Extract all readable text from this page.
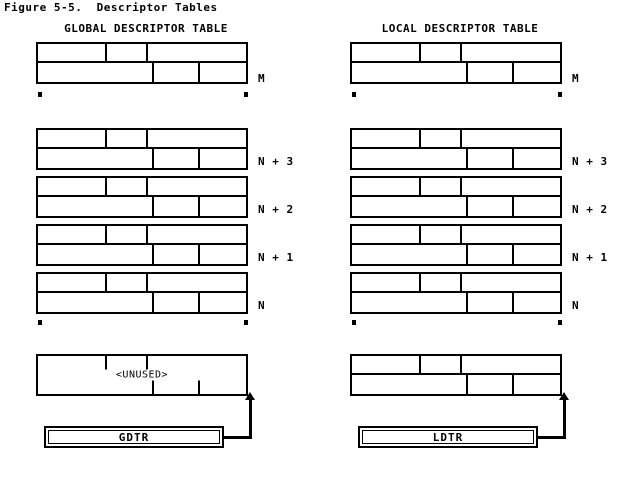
Figure 5-5.  Descriptor Tables
GLOBAL DESCRIPTOR TABLE
M
N + 3
N + 2
N + 1
N
<UNUSED>
GDTR
LOCAL DESCRIPTOR TABLE
M
N + 3
N + 2
N + 1
N
LDTR
